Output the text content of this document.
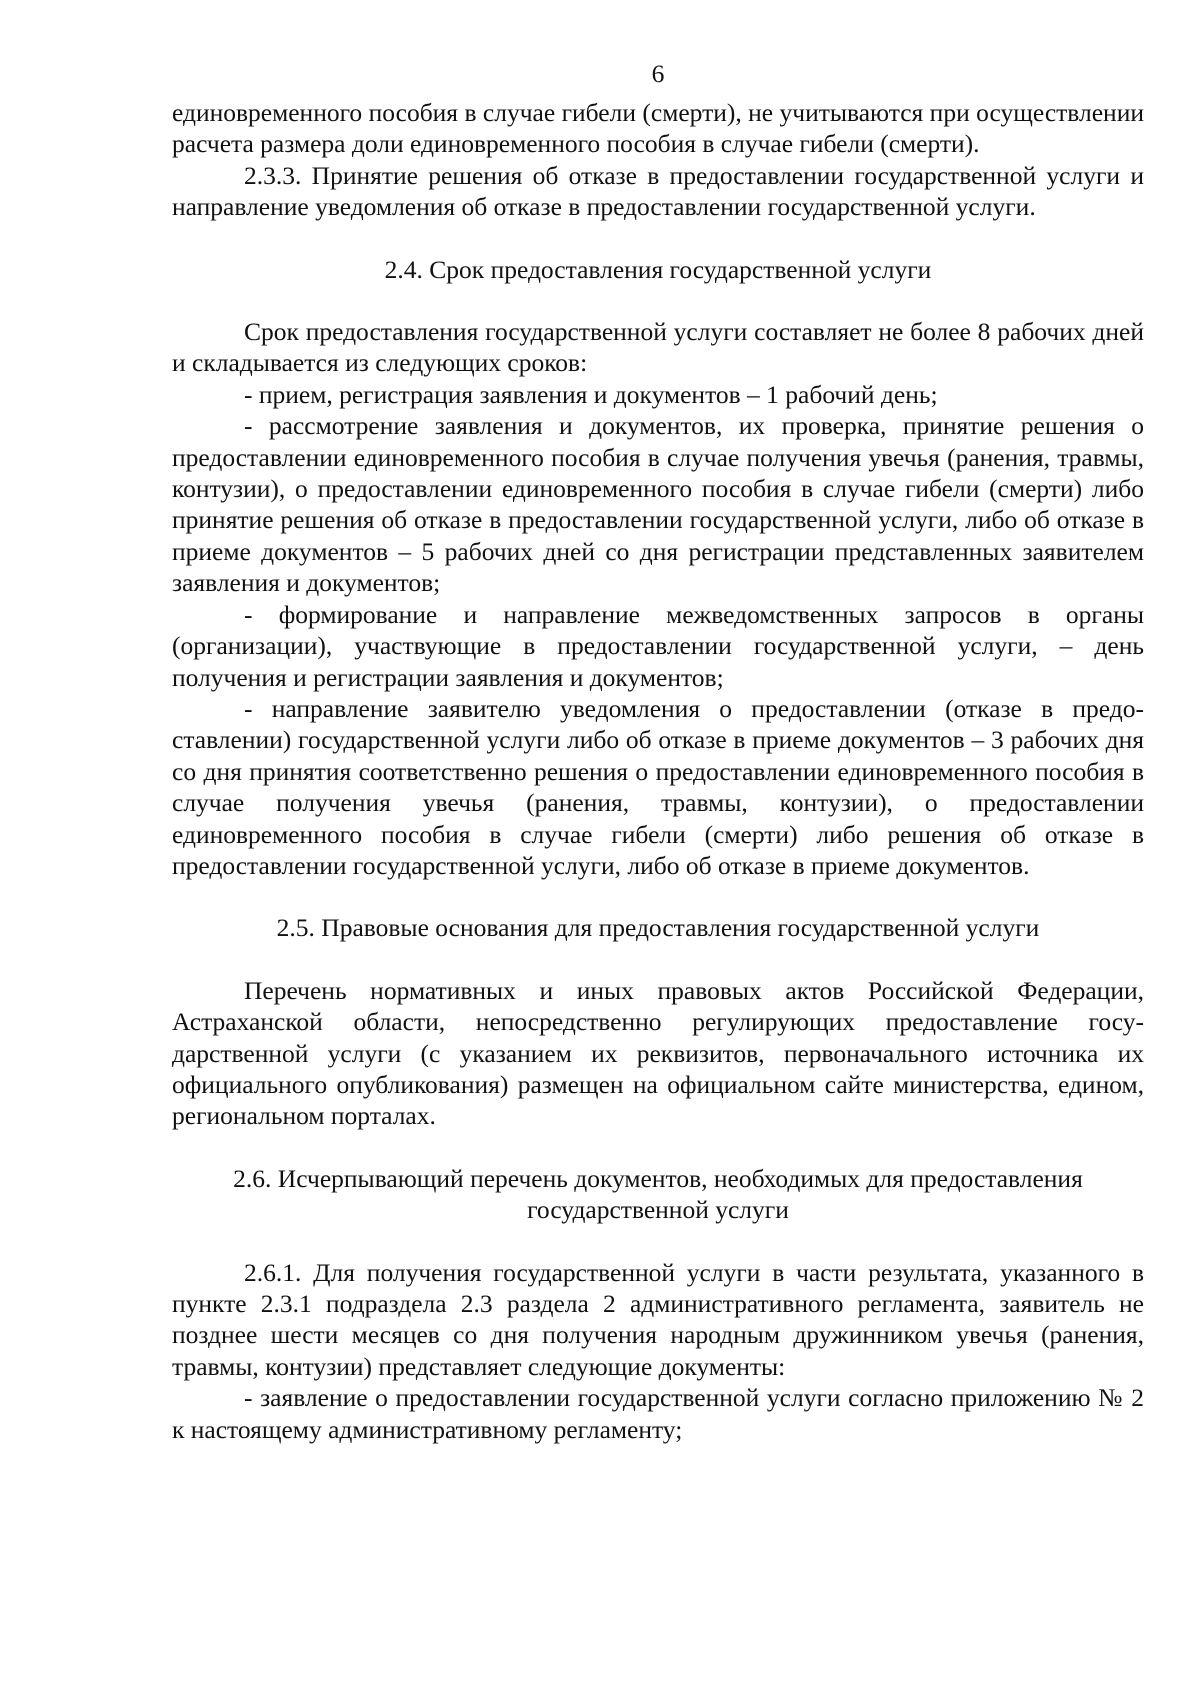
6

единовременного пособия в случае гибели (смерти), не учитываются при осуществлении расчета размера доли единовременного пособия в случае гибели (смерти).

2.3.3. Принятие решения об отказе в предоставлении государственной услуги и направление уведомления об отказе в предоставлении государственной услуги.

2.4. Срок предоставления государственной услуги

Срок предоставления государственной услуги составляет не более 8 рабочих дней и складывается из следующих сроков:

- прием, регистрация заявления и документов – 1 рабочий день;

- рассмотрение заявления и документов, их проверка, принятие решения о предоставлении единовременного пособия в случае получения увечья (ранения, травмы, контузии), о предоставлении единовременного пособия в случае гибели (смерти) либо принятие решения об отказе в предоставлении государственной услуги, либо об отказе в приеме документов – 5 рабочих дней со дня регистрации представленных заявителем заявления и документов;

- формирование и направление межведомственных запросов в органы (организации), участвующие в предоставлении государственной услуги, – день получения и регистрации заявления и документов;

- направление заявителю уведомления о предоставлении (отказе в предоставлении) государственной услуги либо об отказе в приеме документов – 3 рабочих дня со дня принятия соответственно решения о предоставлении единовременного пособия в случае получения увечья (ранения, травмы, контузии), о предоставлении единовременного пособия в случае гибели (смерти) либо решения об отказе в предоставлении государственной услуги, либо об отказе в приеме документов.

2.5. Правовые основания для предоставления государственной услуги

Перечень нормативных и иных правовых актов Российской Федерации, Астраханской области, непосредственно регулирующих предоставление государственной услуги (с указанием их реквизитов, первоначального источника их официального опубликования) размещен на официальном сайте министерства, едином, региональном порталах.

2.6. Исчерпывающий перечень документов, необходимых для предоставления
государственной услуги

2.6.1. Для получения государственной услуги в части результата, указанного в пункте 2.3.1 подраздела 2.3 раздела 2 административного регламента, заявитель не позднее шести месяцев со дня получения народным дружинником увечья (ранения, травмы, контузии) представляет следующие документы:

- заявление о предоставлении государственной услуги согласно приложению № 2 к настоящему административному регламенту;
